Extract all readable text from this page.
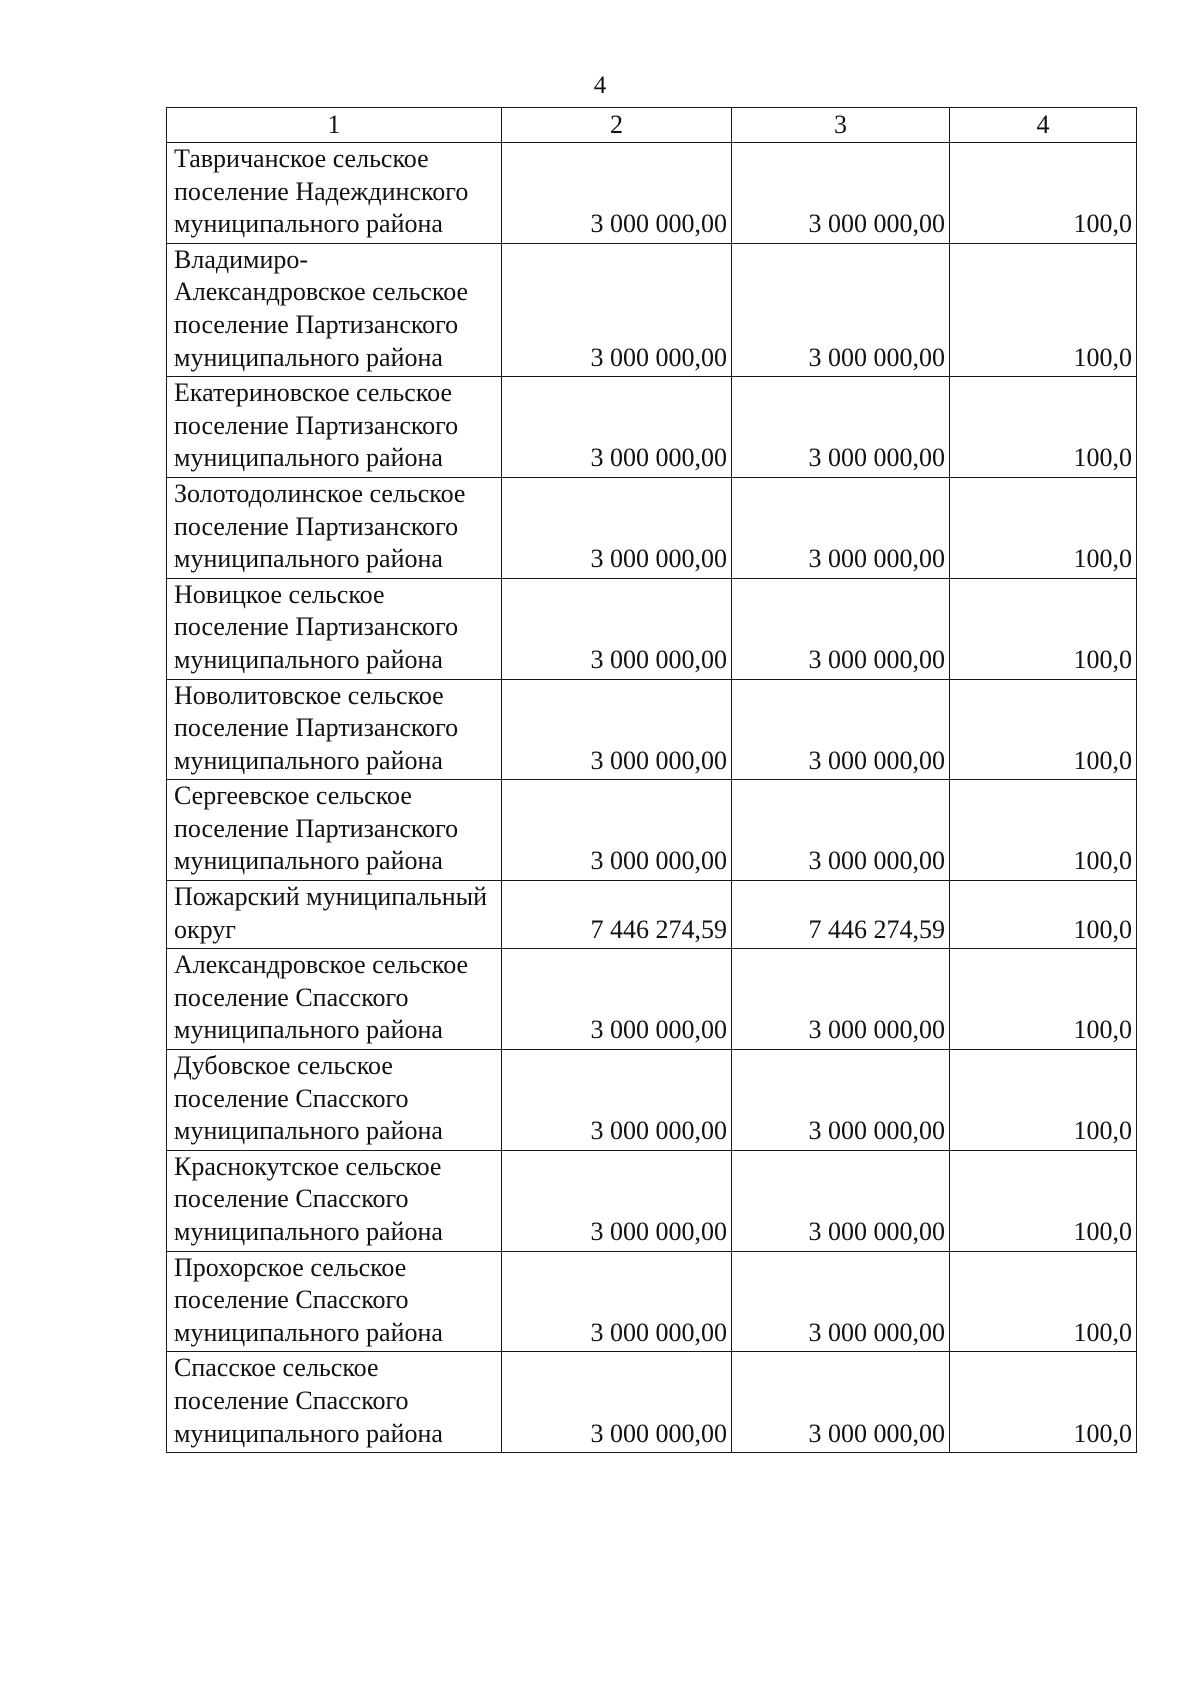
4
1	2	3	4
Тавричанское сельское поселение Надеждинского муниципального района	3 000 000,00	3 000 000,00	100,0
Владимиро-Александровское сельское поселение Партизанского муниципального района	3 000 000,00	3 000 000,00	100,0
Екатериновское сельское поселение Партизанского муниципального района	3 000 000,00	3 000 000,00	100,0
Золотодолинское сельское поселение Партизанского муниципального района	3 000 000,00	3 000 000,00	100,0
Новицкое сельское поселение Партизанского муниципального района	3 000 000,00	3 000 000,00	100,0
Новолитовское сельское поселение Партизанского муниципального района	3 000 000,00	3 000 000,00	100,0
Сергеевское сельское поселение Партизанского муниципального района	3 000 000,00	3 000 000,00	100,0
Пожарский муниципальный округ	7 446 274,59	7 446 274,59	100,0
Александровское сельское поселение Спасского муниципального района	3 000 000,00	3 000 000,00	100,0
Дубовское сельское поселение Спасского муниципального района	3 000 000,00	3 000 000,00	100,0
Краснокутское сельское поселение Спасского муниципального района	3 000 000,00	3 000 000,00	100,0
Прохорское сельское поселение Спасского муниципального района	3 000 000,00	3 000 000,00	100,0
Спасское сельское поселение Спасского муниципального района	3 000 000,00	3 000 000,00	100,0
